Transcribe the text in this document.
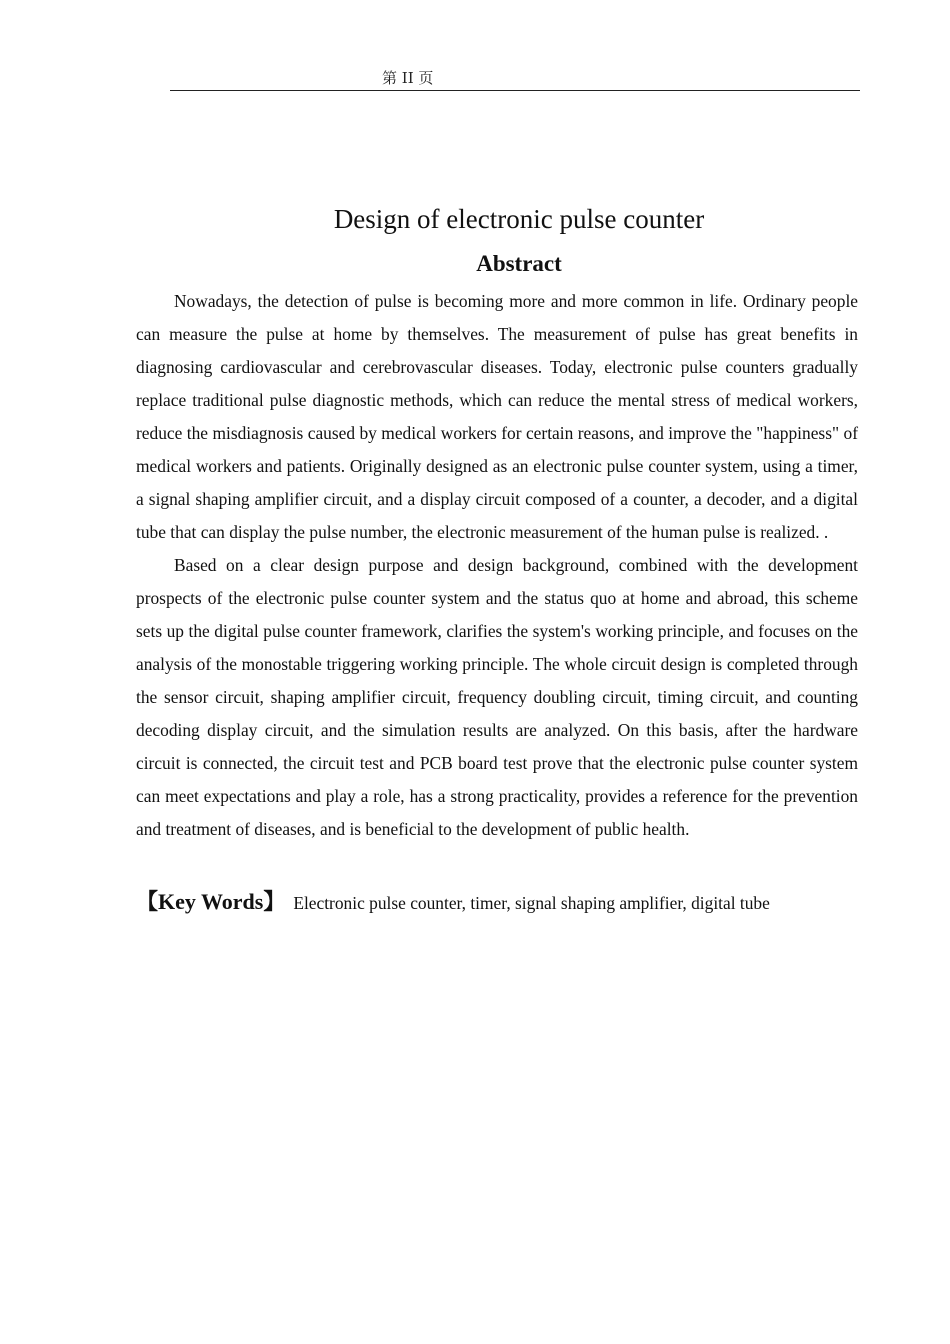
第 II 页
Design of electronic pulse counter
Abstract

Nowadays, the detection of pulse is becoming more and more common in life. Ordinary people can measure the pulse at home by themselves. The measurement of pulse has great benefits in diagnosing cardiovascular and cerebrovascular diseases. Today, electronic pulse counters gradually replace traditional pulse diagnostic methods, which can reduce the mental stress of medical workers, reduce the misdiagnosis caused by medical workers for certain reasons, and improve the "happiness" of medical workers and patients. Originally designed as an electronic pulse counter system, using a timer, a signal shaping amplifier circuit, and a display circuit composed of a counter, a decoder, and a digital tube that can display the pulse number, the electronic measurement of the human pulse is realized. .

Based on a clear design purpose and design background, combined with the development prospects of the electronic pulse counter system and the status quo at home and abroad, this scheme sets up the digital pulse counter framework, clarifies the system's working principle, and focuses on the analysis of the monostable triggering working principle. The whole circuit design is completed through the sensor circuit, shaping amplifier circuit, frequency doubling circuit, timing circuit, and counting decoding display circuit, and the simulation results are analyzed. On this basis, after the hardware circuit is connected, the circuit test and PCB board test prove that the electronic pulse counter system can meet expectations and play a role, has a strong practicality, provides a reference for the prevention and treatment of diseases, and is beneficial to the development of public health.

【Key Words】 Electronic pulse counter, timer, signal shaping amplifier, digital tube
